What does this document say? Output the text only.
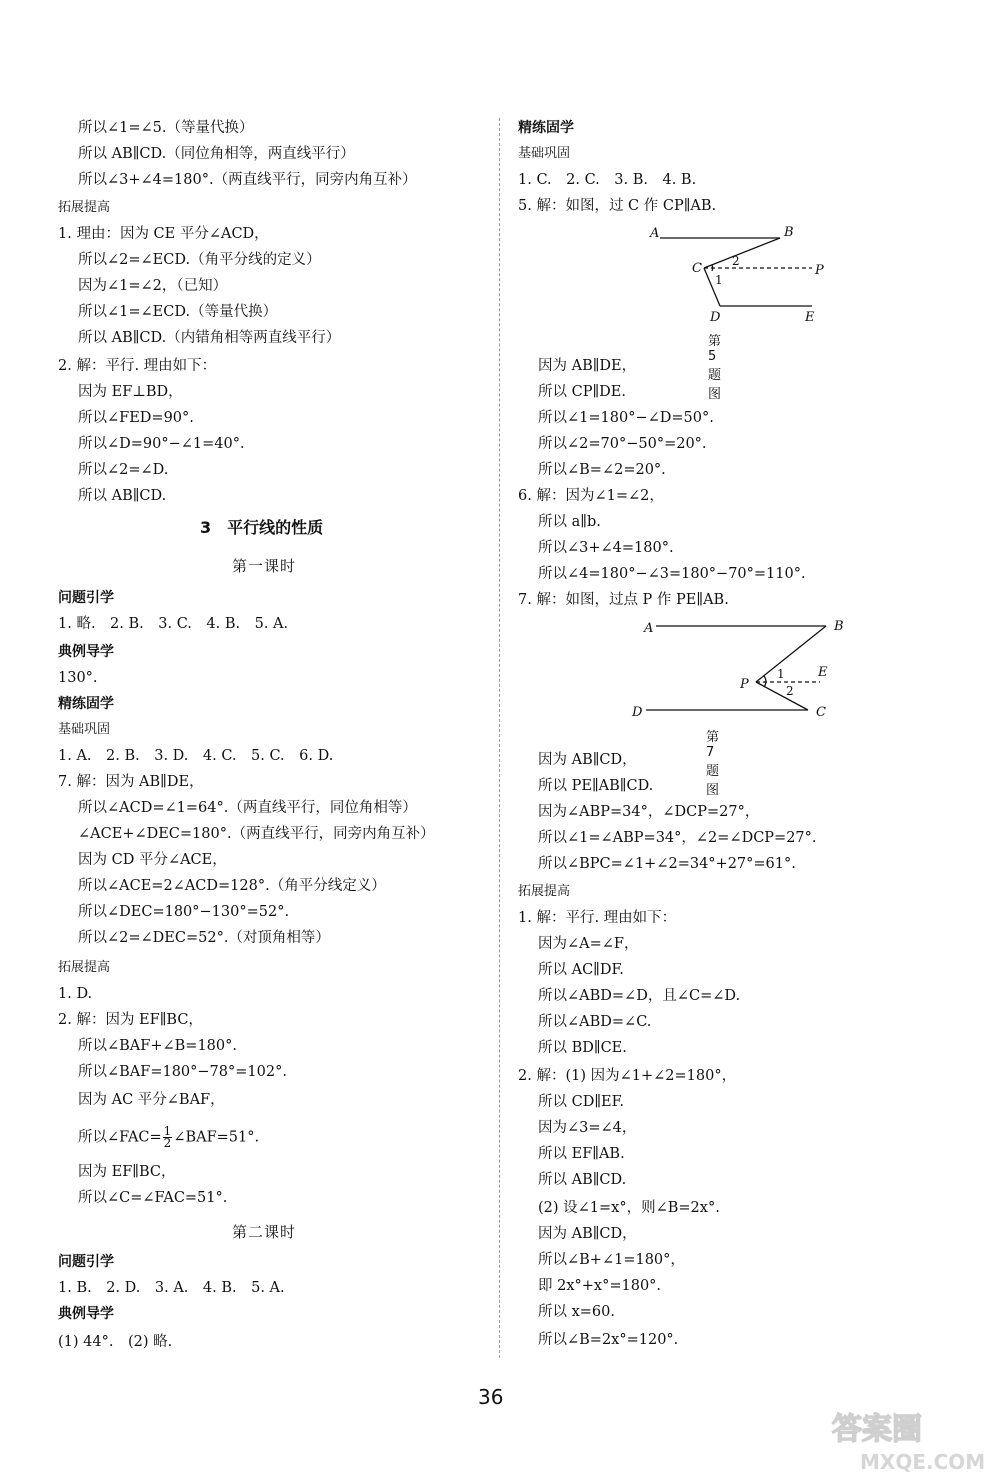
所以∠1=∠5.（等量代换）
所以 AB∥CD.（同位角相等，两直线平行）
所以∠3+∠4=180°.（两直线平行，同旁内角互补）
拓展提高
1. 理由：因为 CE 平分∠ACD，
所以∠2=∠ECD.（角平分线的定义）
因为∠1=∠2，（已知）
所以∠1=∠ECD.（等量代换）
所以 AB∥CD.（内错角相等两直线平行）
2. 解：平行. 理由如下：
因为 EF⊥BD，
所以∠FED=90°.
所以∠D=90°−∠1=40°.
所以∠2=∠D.
所以 AB∥CD.
3　平行线的性质
第一课时
问题引学
1. 略.　2. B.　3. C.　4. B.　5. A.
典例导学
130°.
精练固学
基础巩固
1. A.　2. B.　3. D.　4. C.　5. C.　6. D.
7. 解：因为 AB∥DE，
所以∠ACD=∠1=64°.（两直线平行，同位角相等）
∠ACE+∠DEC=180°.（两直线平行，同旁内角互补）
因为 CD 平分∠ACE，
所以∠ACE=2∠ACD=128°.（角平分线定义）
所以∠DEC=180°−130°=52°.
所以∠2=∠DEC=52°.（对顶角相等）
拓展提高
1. D.
2. 解：因为 EF∥BC，
所以∠BAF+∠B=180°.
所以∠BAF=180°−78°=102°.
因为 AC 平分∠BAF，
所以∠FAC= $\frac{1}{2}$ ∠BAF=51°.
因为 EF∥BC，
所以∠C=∠FAC=51°.
第二课时
问题引学
1. B.　2. D.　3. A.　4. B.　5. A.
典例导学
(1) 44°.　(2) 略.
精练固学
基础巩固
1. C.　2. C.　3. B.　4. B.
5. 解：如图，过 C 作 CP∥AB.
A	B
C	P
D	E
1
2
第 5 题图
因为 AB∥DE，
所以 CP∥DE.
所以∠1=180°−∠D=50°.
所以∠2=70°−50°=20°.
所以∠B=∠2=20°.
6. 解：因为∠1=∠2，
所以 a∥b.
所以∠3+∠4=180°.
所以∠4=180°−∠3=180°−70°=110°.
7. 解：如图，过点 P 作 PE∥AB.
A	B
P
E
D	C
1
2
第 7 题图
因为 AB∥CD，
所以 PE∥AB∥CD.
因为∠ABP=34°，∠DCP=27°，
所以∠1=∠ABP=34°，∠2=∠DCP=27°.
所以∠BPC=∠1+∠2=34°+27°=61°.
拓展提高
1. 解：平行. 理由如下：
因为∠A=∠F，
所以 AC∥DF.
所以∠ABD=∠D，且∠C=∠D.
所以∠ABD=∠C.
所以 BD∥CE.
2. 解：(1) 因为∠1+∠2=180°，
所以 CD∥EF.
因为∠3=∠4，
所以 EF∥AB.
所以 AB∥CD.
(2) 设∠1=x°，则∠B=2x°.
因为 AB∥CD，
所以∠B+∠1=180°，
即 2x°+x°=180°.
所以 x=60.
所以∠B=2x°=120°.
36
答案圈
MXQE.COM
